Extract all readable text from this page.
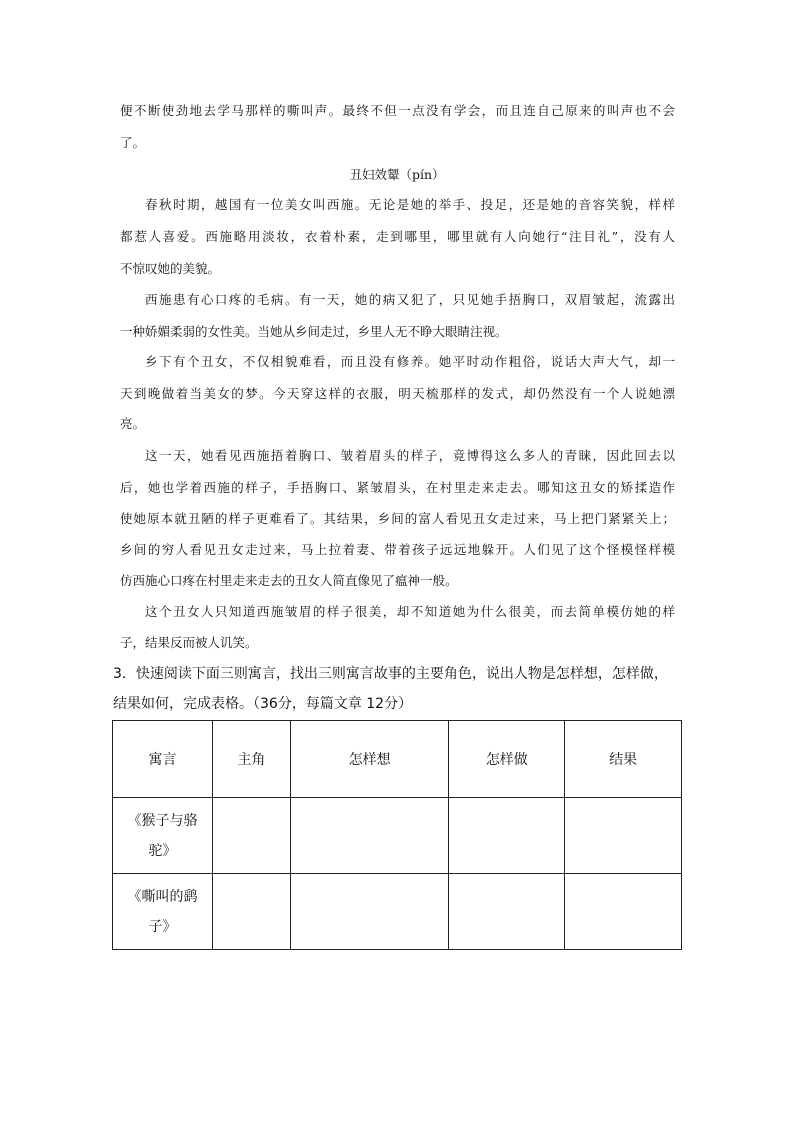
便不断使劲地去学马那样的嘶叫声。最终不但一点没有学会，而且连自己原来的叫声也不会
了。
丑妇效颦（pín）
春秋时期，越国有一位美女叫西施。无论是她的举手、投足，还是她的音容笑貌，样样
都惹人喜爱。西施略用淡妆，衣着朴素，走到哪里，哪里就有人向她行“注目礼”，没有人
不惊叹她的美貌。
西施患有心口疼的毛病。有一天，她的病又犯了，只见她手捂胸口，双眉皱起，流露出
一种娇媚柔弱的女性美。当她从乡间走过，乡里人无不睁大眼睛注视。
乡下有个丑女，不仅相貌难看，而且没有修养。她平时动作粗俗，说话大声大气，却一
天到晚做着当美女的梦。今天穿这样的衣服，明天梳那样的发式，却仍然没有一个人说她漂
亮。
这一天，她看见西施捂着胸口、皱着眉头的样子，竟博得这么多人的青睐，因此回去以
后，她也学着西施的样子，手捂胸口、紧皱眉头，在村里走来走去。哪知这丑女的矫揉造作
使她原本就丑陋的样子更难看了。其结果，乡间的富人看见丑女走过来，马上把门紧紧关上；
乡间的穷人看见丑女走过来，马上拉着妻、带着孩子远远地躲开。人们见了这个怪模怪样模
仿西施心口疼在村里走来走去的丑女人简直像见了瘟神一般。
这个丑女人只知道西施皱眉的样子很美，却不知道她为什么很美，而去简单模仿她的样
子，结果反而被人讥笑。
3．快速阅读下面三则寓言，找出三则寓言故事的主要角色，说出人物是怎样想，怎样做，
结果如何，完成表格。（36分，每篇文章 12分）
寓言	主角	怎样想	怎样做	结果
《猴子与骆驼》				
《嘶叫的鹞子》				
